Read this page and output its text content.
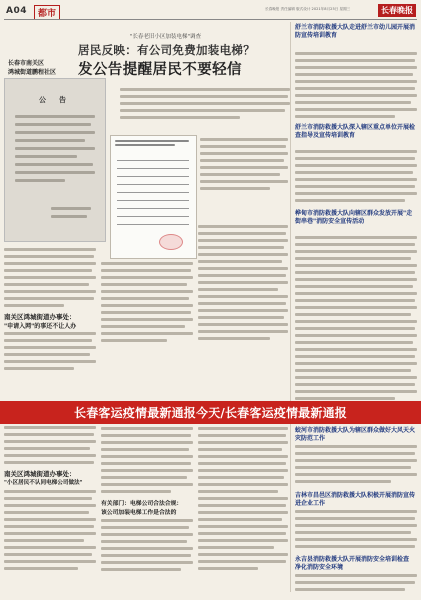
A04	都市	长春晚报 责任编辑 版式设计 2021年8月25日 星期三	长春晚报
"长春老旧小区加装电梯"调查
居民反映：有公司免费加装电梯？
发公告提醒居民不要轻信
长春市南关区
鸿城街道鹏程社区
公　告
南关区鸿城街道办事处：
"申请入网"的事还不让人办
南关区鸿城街道办事处：
"小区居民不认同电梯公司做法"
有关部门：电梯公司合法合规：
该公司加装电梯工作是合法的
舒兰市消防救援大队走进舒兰市幼儿园开展消防宣传培训教育
舒兰市消防救援大队深入辖区重点单位开展检查指导及宣传培训教育
桦甸市消防救援大队向辖区群众发放开展"走街串巷"消防安全宣传活动
蛟河市消防救援大队为辖区群众做好大风天火灾防范工作
吉林市昌邑区消防救援大队积极开展消防宣传进企业工作
永吉县消防救援大队开展消防安全培训检查 净化消防安全环境
长春客运疫情最新通报今天/长春客运疫情最新通报
